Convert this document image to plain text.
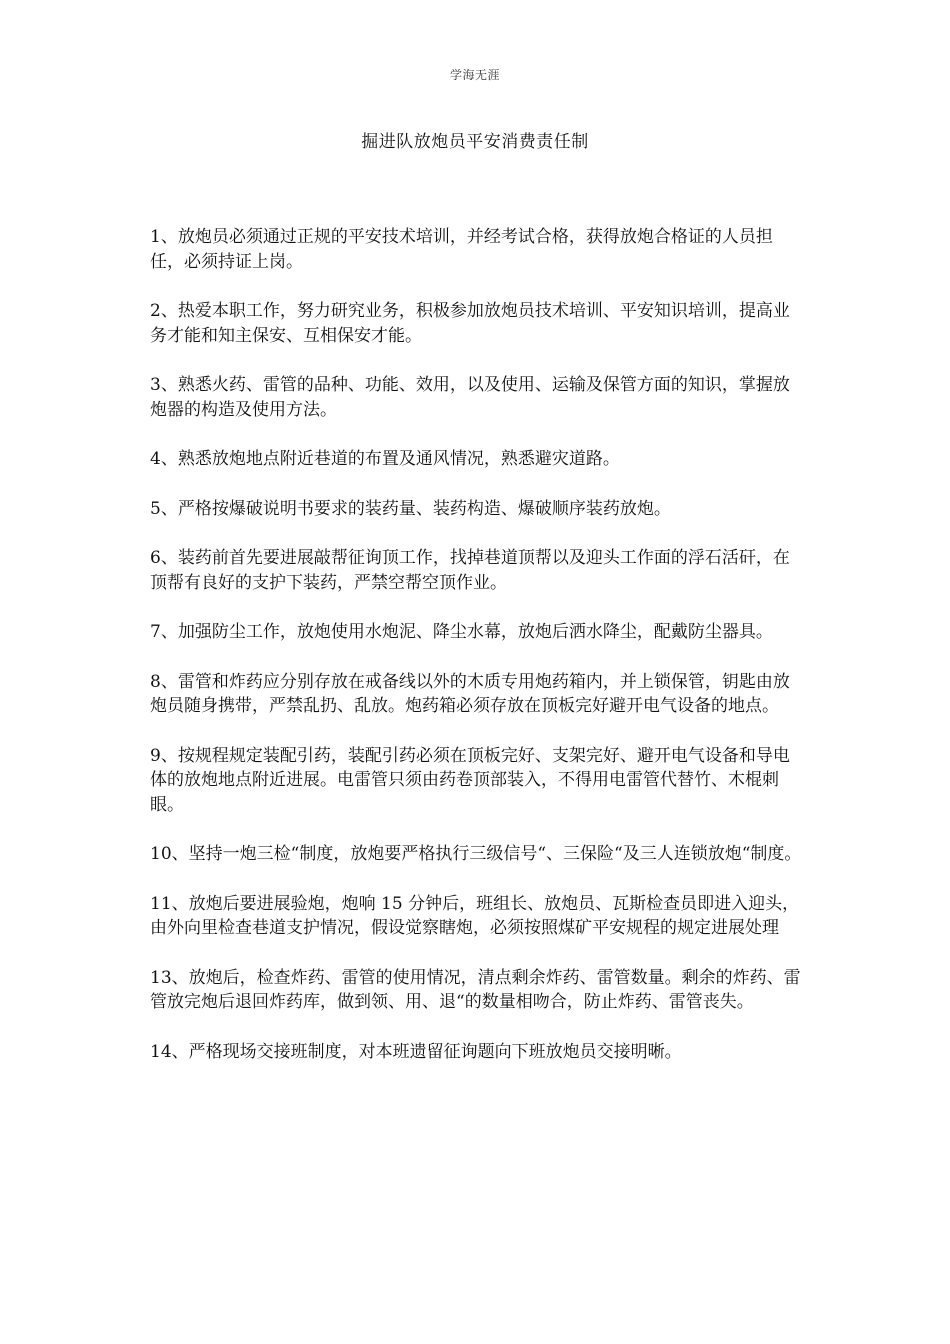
学海无涯
掘进队放炮员平安消费责任制

1、放炮员必须通过正规的平安技术培训，并经考试合格，获得放炮合格证的人员担任，必须持证上岗。

2、热爱本职工作，努力研究业务，积极参加放炮员技术培训、平安知识培训，提高业务才能和知主保安、互相保安才能。

3、熟悉火药、雷管的品种、功能、效用，以及使用、运输及保管方面的知识，掌握放炮器的构造及使用方法。

4、熟悉放炮地点附近巷道的布置及通风情况，熟悉避灾道路。

5、严格按爆破说明书要求的装药量、装药构造、爆破顺序装药放炮。

6、装药前首先要进展敲帮征询顶工作，找掉巷道顶帮以及迎头工作面的浮石活矸，在顶帮有良好的支护下装药，严禁空帮空顶作业。

7、加强防尘工作，放炮使用水炮泥、降尘水幕，放炮后洒水降尘，配戴防尘器具。

8、雷管和炸药应分别存放在戒备线以外的木质专用炮药箱内，并上锁保管，钥匙由放炮员随身携带，严禁乱扔、乱放。炮药箱必须存放在顶板完好避开电气设备的地点。

9、按规程规定装配引药，装配引药必须在顶板完好、支架完好、避开电气设备和导电体的放炮地点附近进展。电雷管只须由药卷顶部装入，不得用电雷管代替竹、木棍刺眼。

10、坚持一炮三检“制度，放炮要严格执行三级信号“、三保险“及三人连锁放炮“制度。

11、放炮后要进展验炮，炮响 15 分钟后，班组长、放炮员、瓦斯检查员即进入迎头，由外向里检查巷道支护情况，假设觉察瞎炮，必须按照煤矿平安规程的规定进展处理

13、放炮后，检查炸药、雷管的使用情况，清点剩余炸药、雷管数量。剩余的炸药、雷管放完炮后退回炸药库，做到领、用、退“的数量相吻合，防止炸药、雷管丧失。

14、严格现场交接班制度，对本班遗留征询题向下班放炮员交接明晰。
